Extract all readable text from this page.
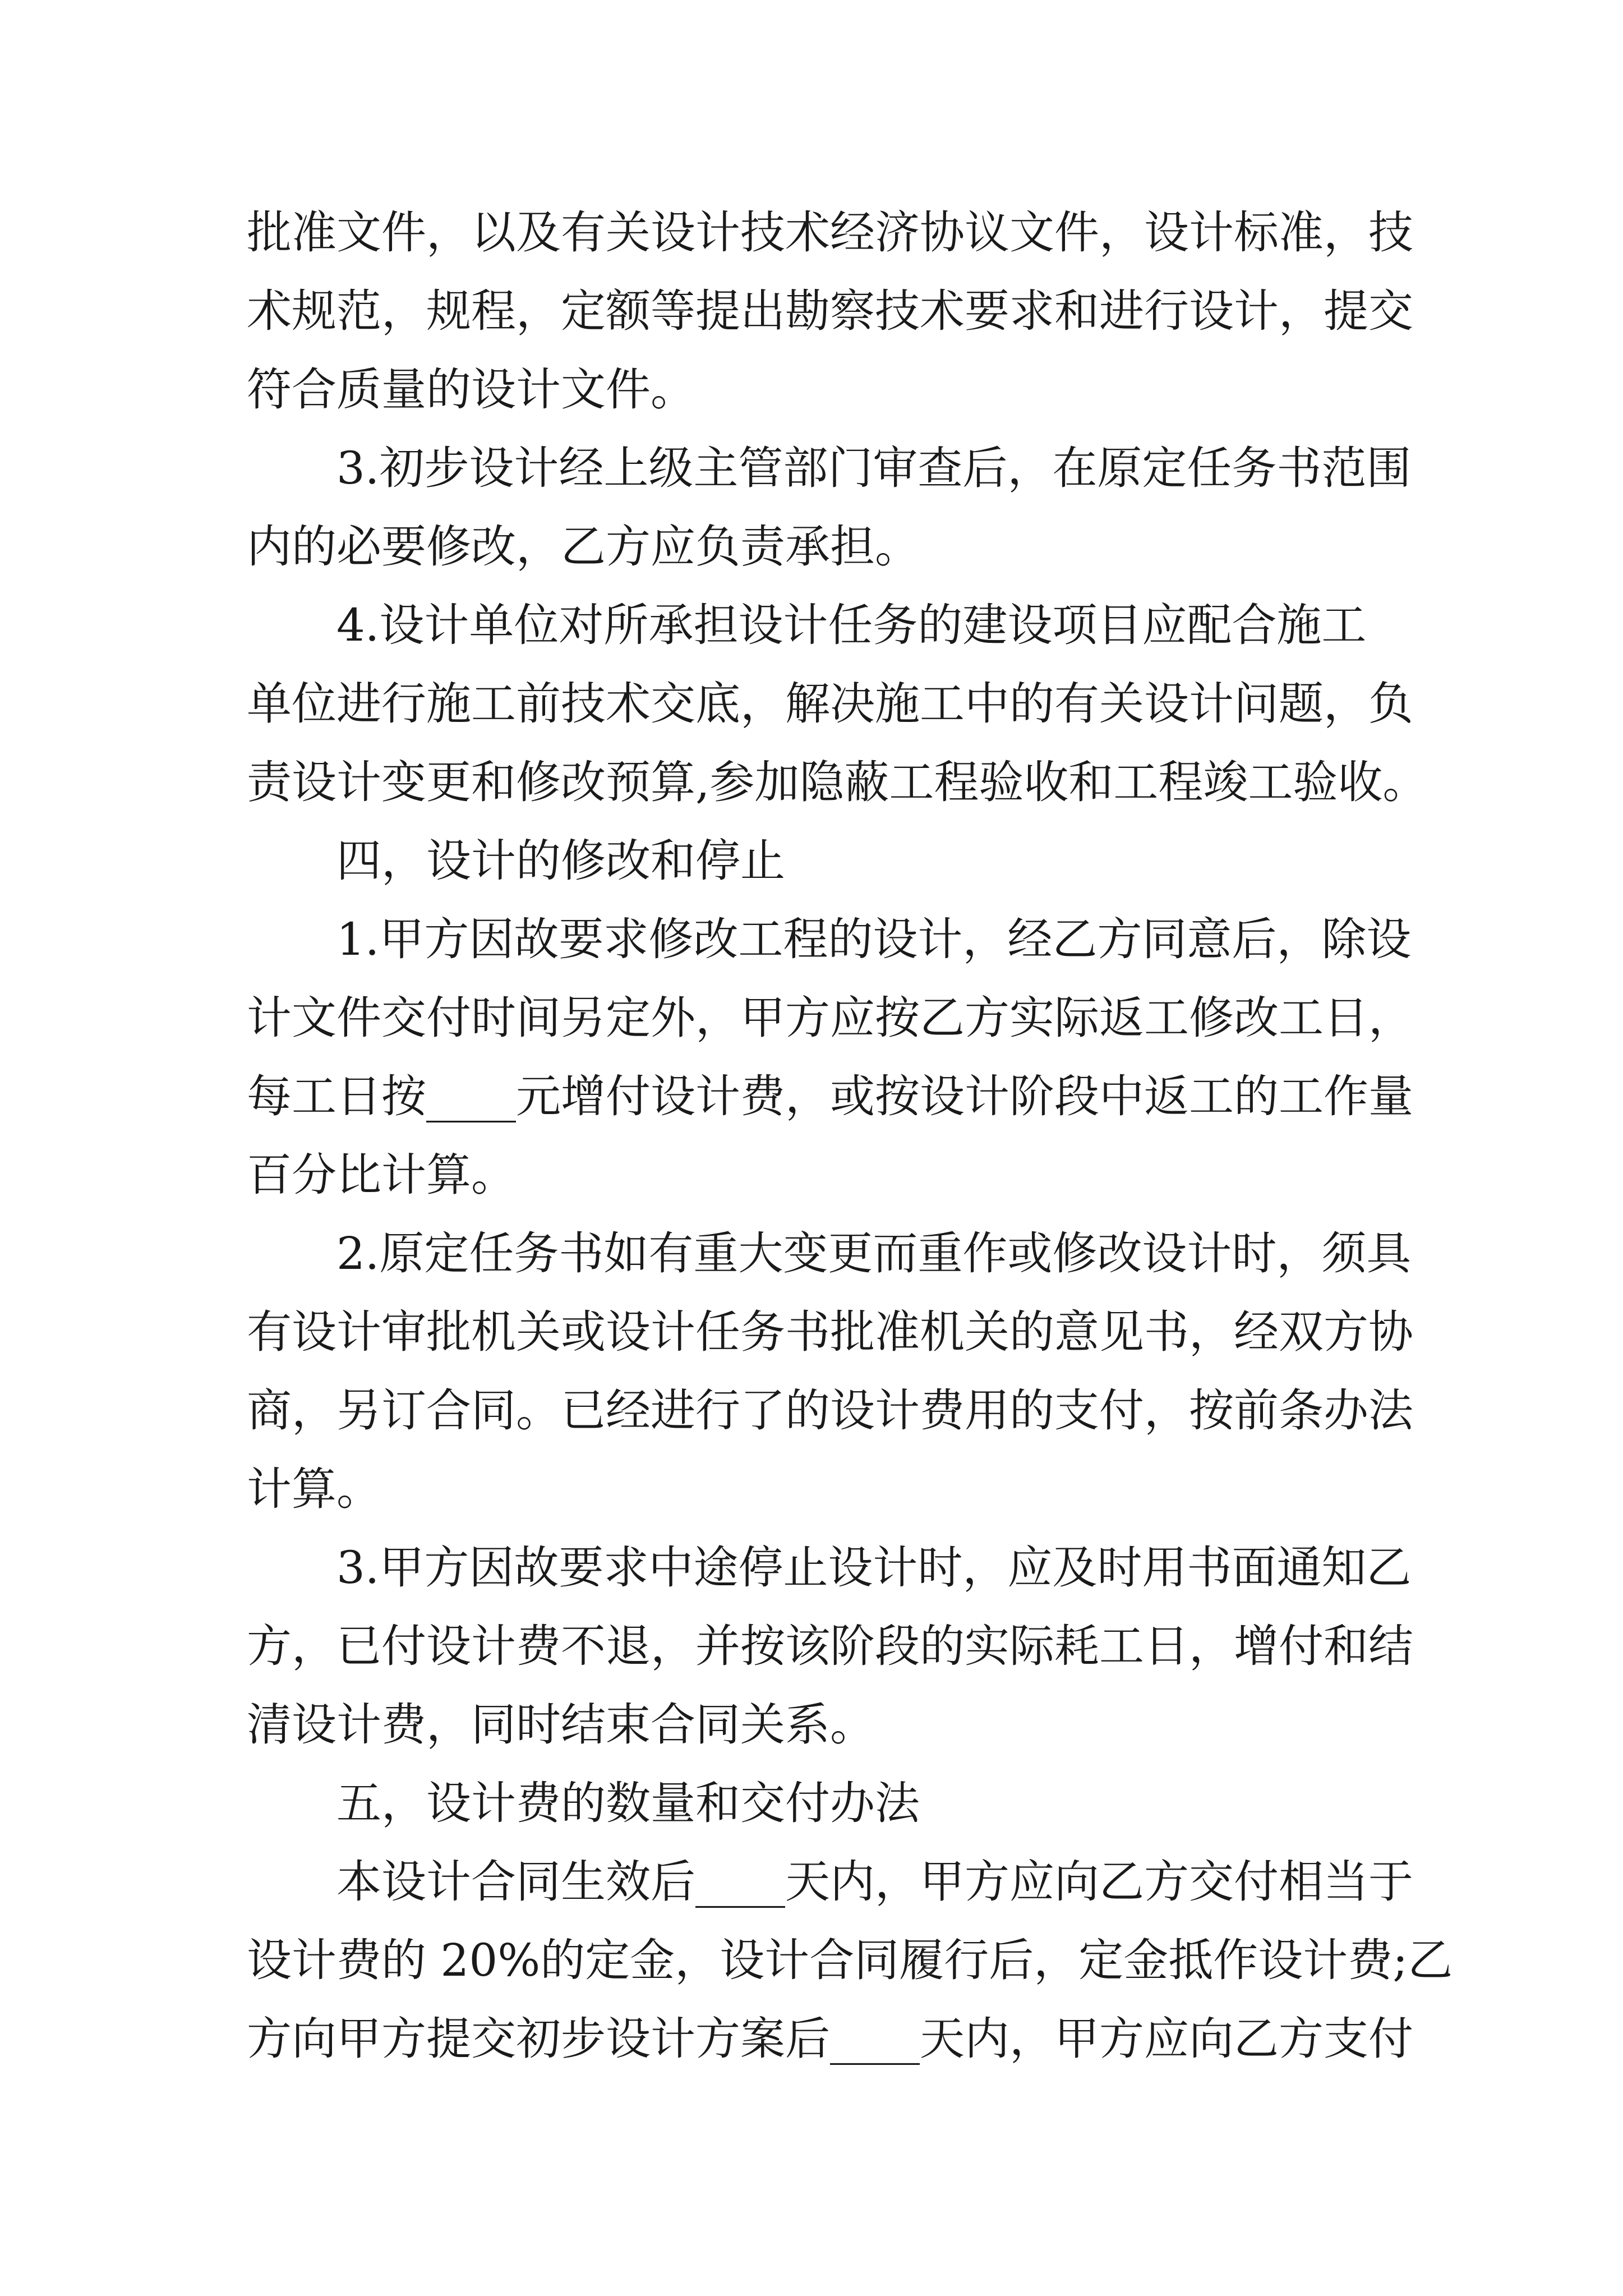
批准文件，以及有关设计技术经济协议文件，设计标准，技

术规范，规程，定额等提出勘察技术要求和进行设计，提交

符合质量的设计文件。

3.初步设计经上级主管部门审查后，在原定任务书范围

内的必要修改，乙方应负责承担。

4.设计单位对所承担设计任务的建设项目应配合施工

单位进行施工前技术交底，解决施工中的有关设计问题，负

责设计变更和修改预算,参加隐蔽工程验收和工程竣工验收。

四，设计的修改和停止

1.甲方因故要求修改工程的设计，经乙方同意后，除设

计文件交付时间另定外，甲方应按乙方实际返工修改工日，

每工日按____元增付设计费，或按设计阶段中返工的工作量

百分比计算。

2.原定任务书如有重大变更而重作或修改设计时，须具

有设计审批机关或设计任务书批准机关的意见书，经双方协

商，另订合同。已经进行了的设计费用的支付，按前条办法

计算。

3.甲方因故要求中途停止设计时，应及时用书面通知乙

方，已付设计费不退，并按该阶段的实际耗工日，增付和结

清设计费，同时结束合同关系。

五，设计费的数量和交付办法

本设计合同生效后____天内，甲方应向乙方交付相当于

设计费的 20%的定金，设计合同履行后，定金抵作设计费;乙

方向甲方提交初步设计方案后____天内，甲方应向乙方支付
